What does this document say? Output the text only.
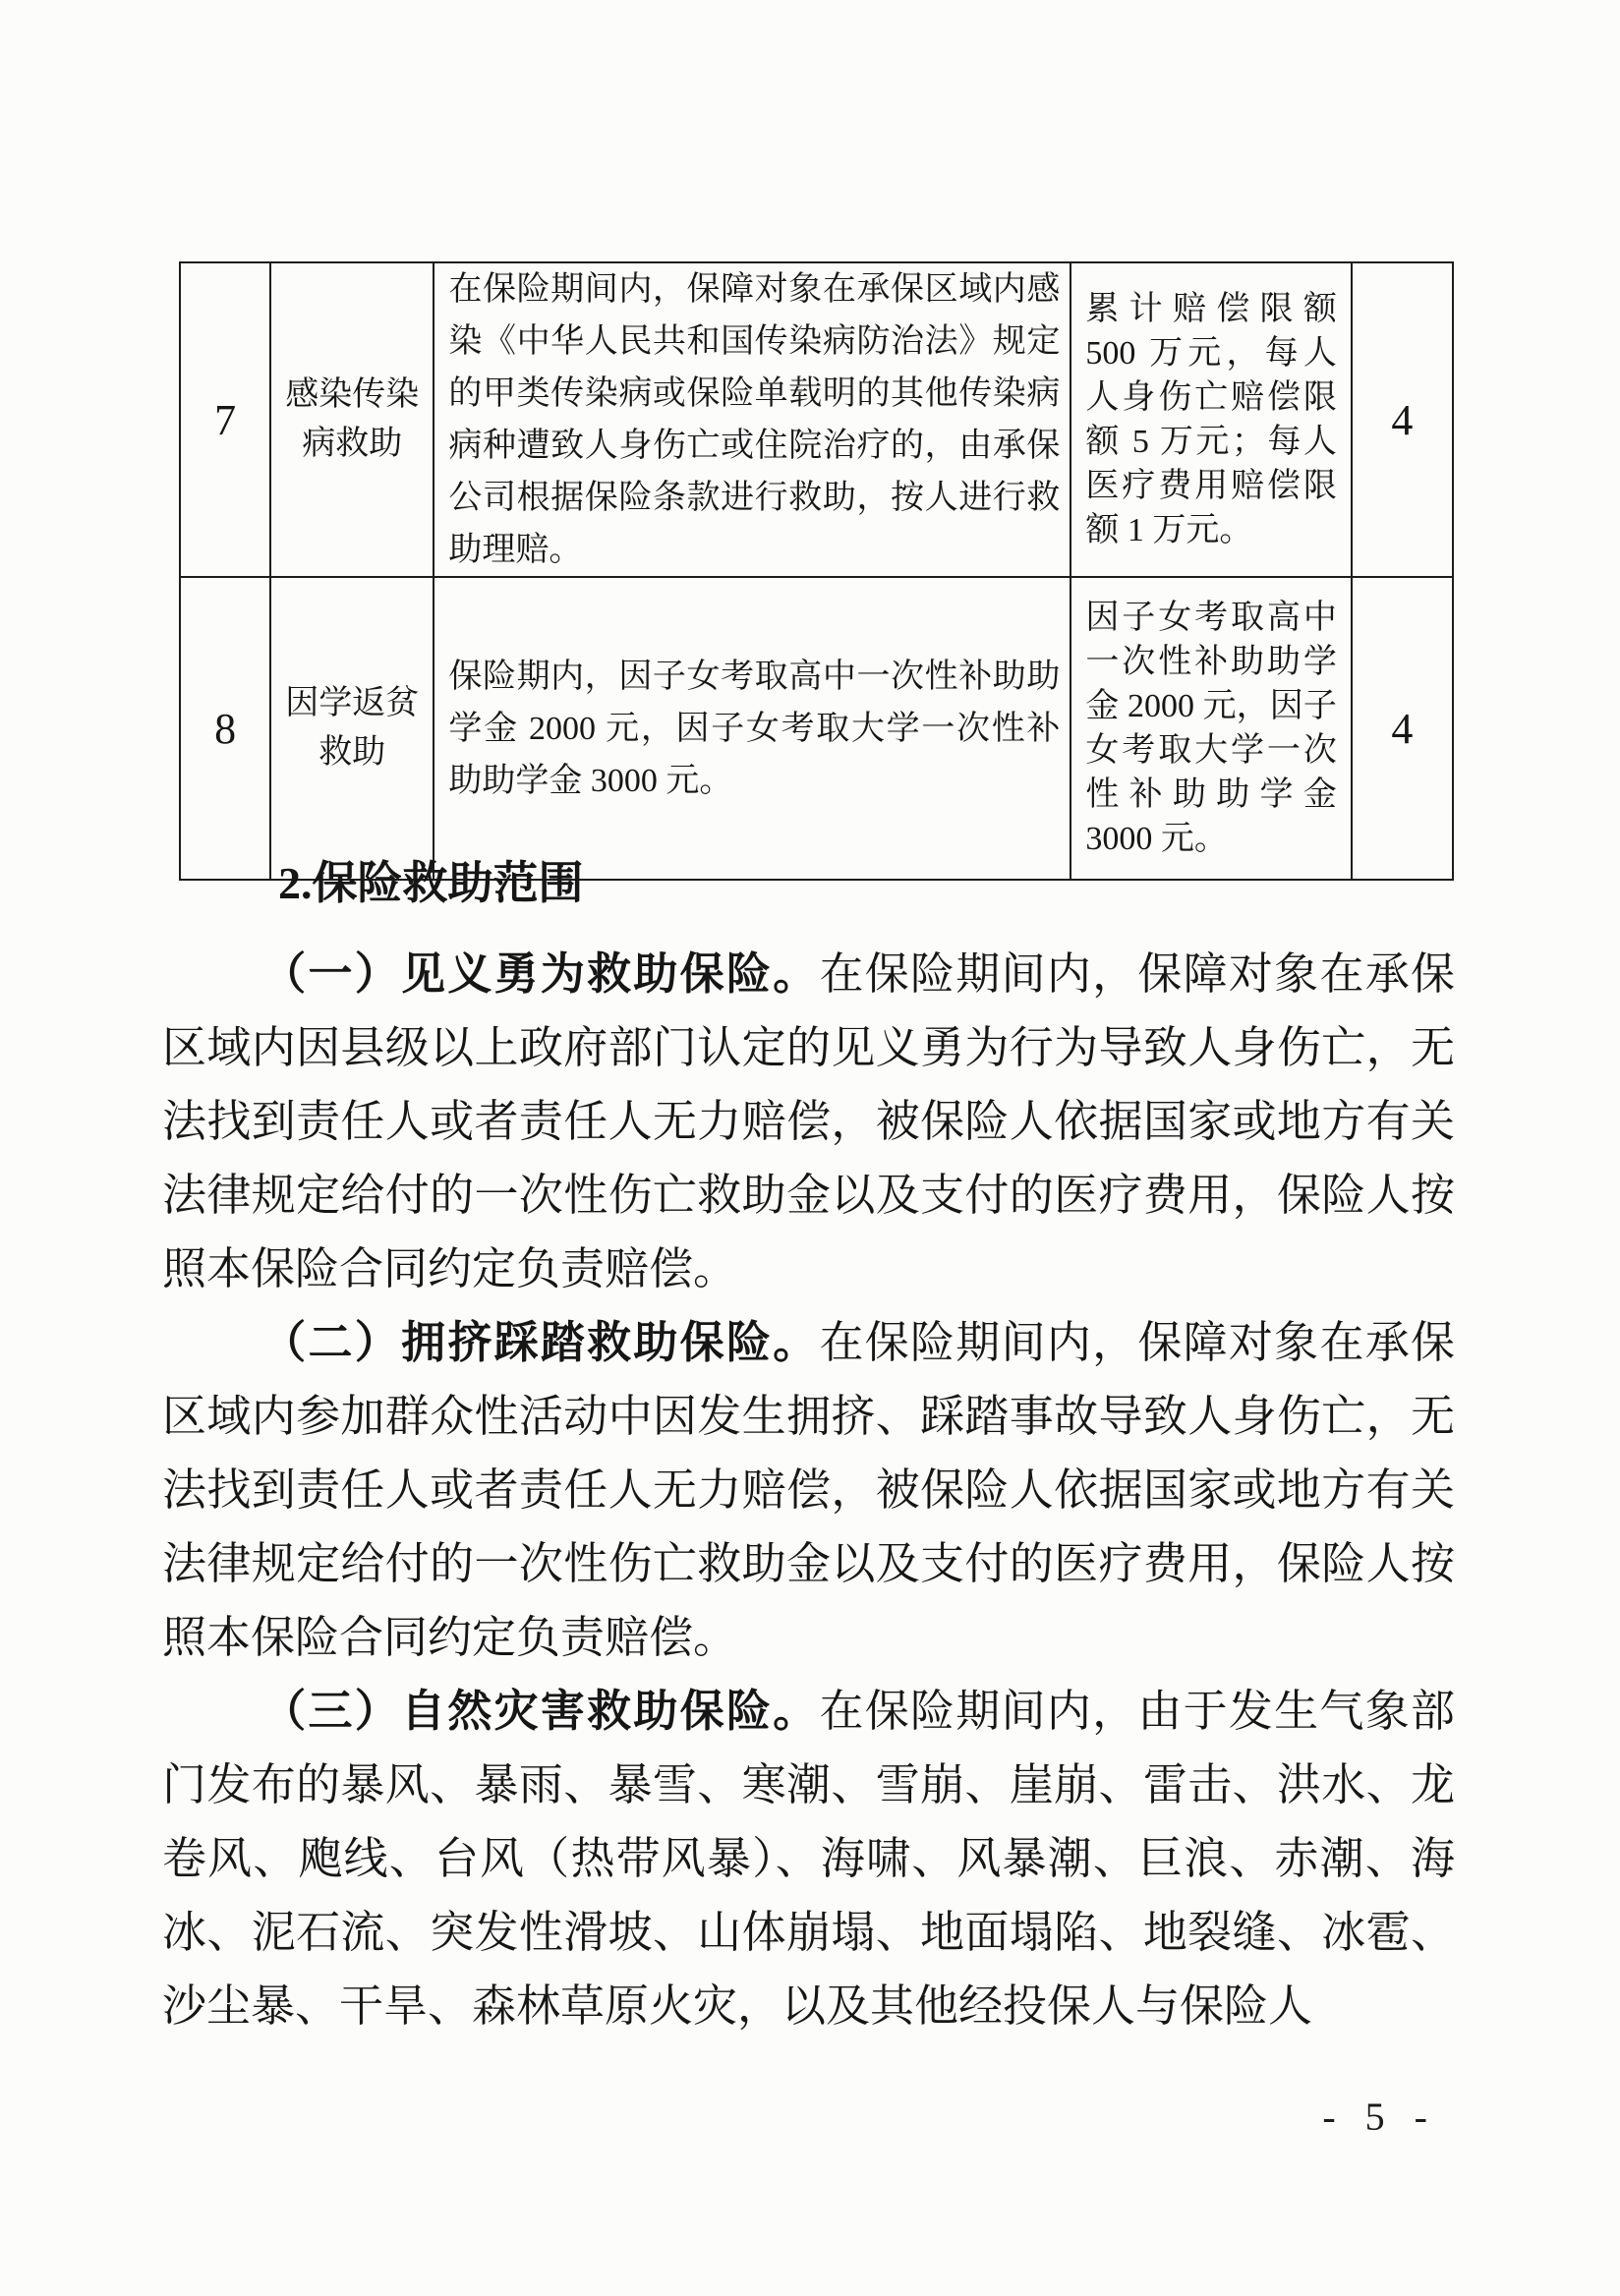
7	感染传染病救助	在保险期间内，保障对象在承保区域内感染《中华人民共和国传染病防治法》规定的甲类传染病或保险单载明的其他传染病病种遭致人身伤亡或住院治疗的，由承保公司根据保险条款进行救助，按人进行救助理赔。	累计赔偿限额 500 万元，每人人身伤亡赔偿限额 5 万元；每人医疗费用赔偿限额 1 万元。	4
8	因学返贫救助	保险期内，因子女考取高中一次性补助助学金 2000 元，因子女考取大学一次性补助助学金 3000 元。	因子女考取高中一次性补助助学金 2000 元，因子女考取大学一次性补助助学金 3000 元。	4
2.保险救助范围

（一）见义勇为救助保险。在保险期间内，保障对象在承保区域内因县级以上政府部门认定的见义勇为行为导致人身伤亡，无法找到责任人或者责任人无力赔偿，被保险人依据国家或地方有关法律规定给付的一次性伤亡救助金以及支付的医疗费用，保险人按照本保险合同约定负责赔偿。

（二）拥挤踩踏救助保险。在保险期间内，保障对象在承保区域内参加群众性活动中因发生拥挤、踩踏事故导致人身伤亡，无法找到责任人或者责任人无力赔偿，被保险人依据国家或地方有关法律规定给付的一次性伤亡救助金以及支付的医疗费用，保险人按照本保险合同约定负责赔偿。

（三）自然灾害救助保险。在保险期间内，由于发生气象部门发布的暴风、暴雨、暴雪、寒潮、雪崩、崖崩、雷击、洪水、龙卷风、飑线、台风（热带风暴）、海啸、风暴潮、巨浪、赤潮、海冰、泥石流、突发性滑坡、山体崩塌、地面塌陷、地裂缝、冰雹、沙尘暴、干旱、森林草原火灾，以及其他经投保人与保险人

- 5 -
